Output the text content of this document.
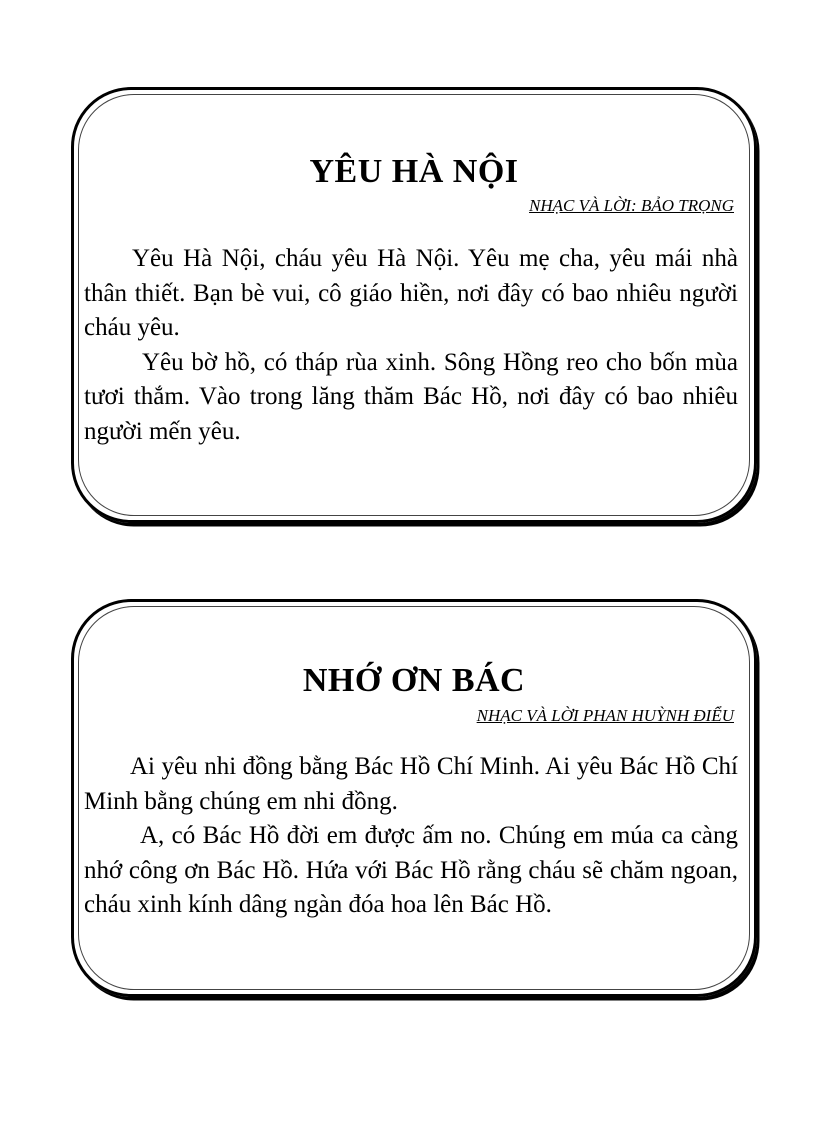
YÊU HÀ NỘI
NHẠC VÀ LỜI: BẢO TRỌNG

Yêu Hà Nội, cháu yêu Hà Nội. Yêu mẹ cha, yêu mái nhà thân thiết. Bạn bè vui, cô giáo hiền, nơi đây có bao nhiêu người cháu yêu.

Yêu bờ hồ, có tháp rùa xinh. Sông Hồng reo cho bốn mùa tươi thắm. Vào trong lăng thăm Bác Hồ, nơi đây có bao nhiêu người mến yêu.

NHỚ ƠN BÁC
NHẠC VÀ LỜI PHAN HUỲNH ĐIỂU

Ai yêu nhi đồng bằng Bác Hồ Chí Minh. Ai yêu Bác Hồ Chí Minh bằng chúng em nhi đồng.

A, có Bác Hồ đời em được ấm no. Chúng em múa ca càng nhớ công ơn Bác Hồ. Hứa với Bác Hồ rằng cháu sẽ chăm ngoan, cháu xinh kính dâng ngàn đóa hoa lên Bác Hồ.
